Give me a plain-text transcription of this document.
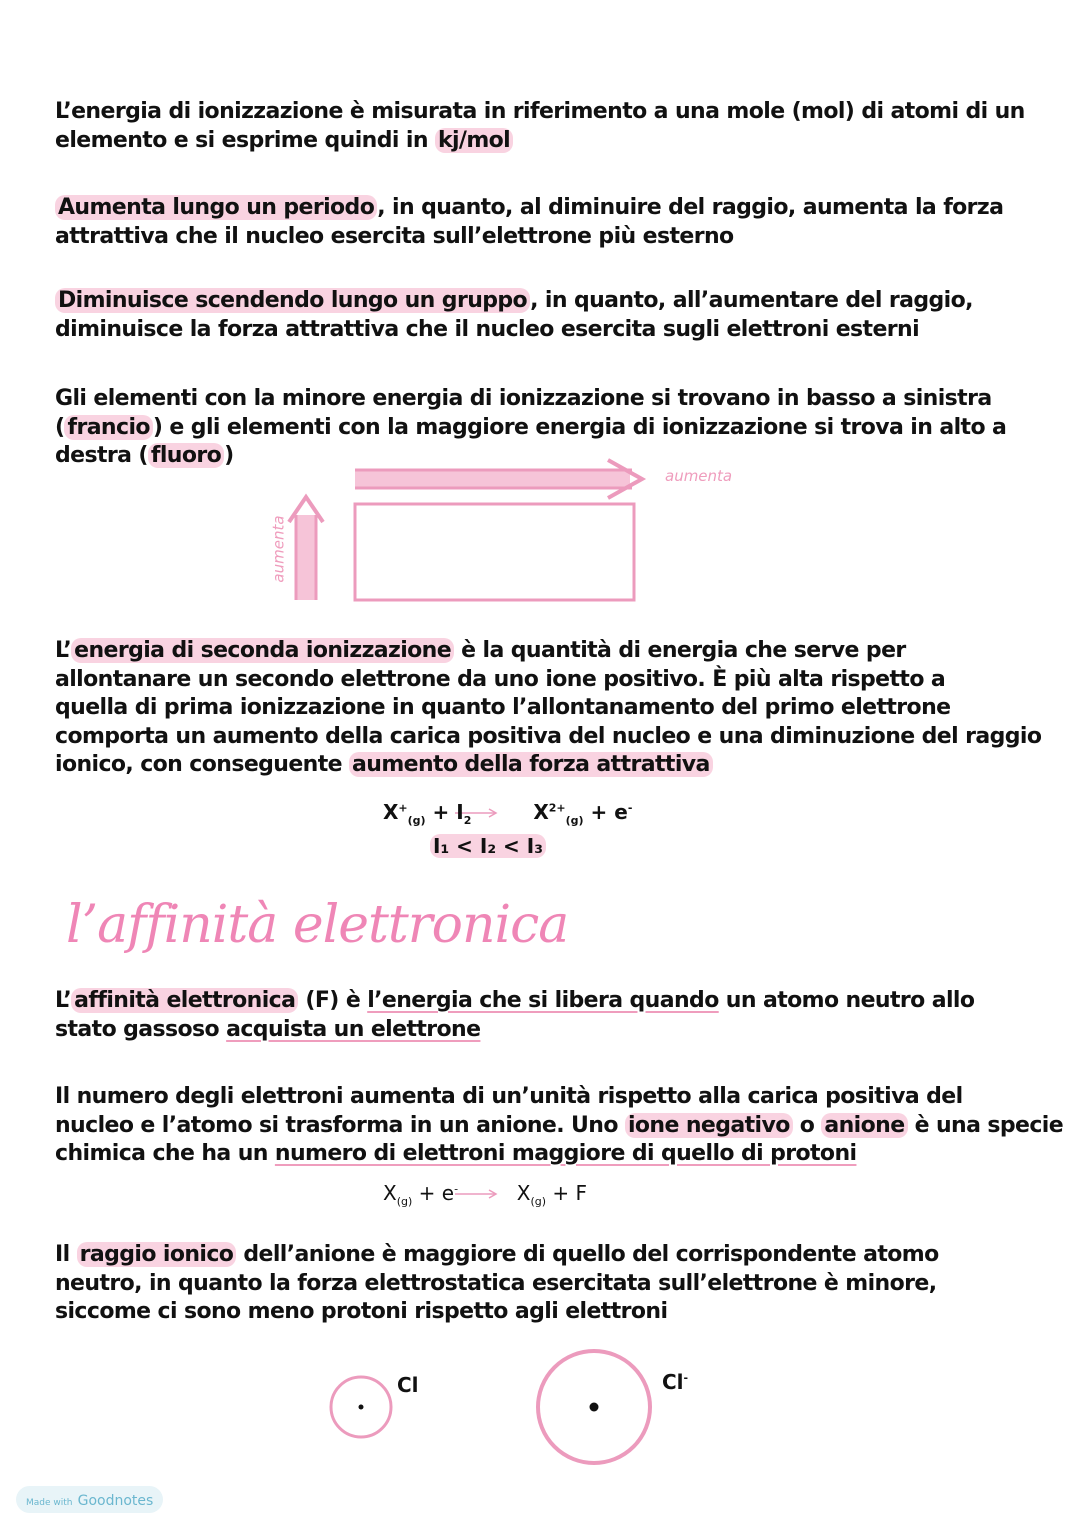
L’energia di ionizzazione è misurata in riferimento a una mole (mol) di atomi di un
elemento e si esprime quindi in kj/mol
Aumenta lungo un periodo , in quanto, al diminuire del raggio, aumenta la forza
attrattiva che il nucleo esercita sull’elettrone più esterno
Diminuisce scendendo lungo un gruppo , in quanto, all’aumentare del raggio,
diminuisce la forza attrattiva che il nucleo esercita sugli elettroni esterni
Gli elementi con la minore energia di ionizzazione si trovano in basso a sinistra
( francio ) e gli elementi con la maggiore energia di ionizzazione si trova in alto a
destra ( fluoro )
L’ energia di seconda ionizzazione è la quantità di energia che serve per
allontanare un secondo elettrone da uno ione positivo. È più alta rispetto a
quella di prima ionizzazione in quanto l’allontanamento del primo elettrone
comporta un aumento della carica positiva del nucleo e una diminuzione del raggio
ionico, con conseguente aumento della forza attrattiva
L’ affinità elettronica (F) è l’energia che si libera quando un atomo neutro allo
stato gassoso acquista un elettrone
Il numero degli elettroni aumenta di un’unità rispetto alla carica positiva del
nucleo e l’atomo si trasforma in un anione. Uno ione negativo o anione è una specie
chimica che ha un numero di elettroni maggiore di quello di protoni
Il raggio ionico dell’anione è maggiore di quello del corrispondente atomo
neutro, in quanto la forza elettrostatica esercitata sull’elettrone è minore,
siccome ci sono meno protoni rispetto agli elettroni
aumenta
aumenta
$X^+_{(g)} + I_2$	$X^{2+}_{(g)} + e^-$
I₁ < I₂ < I₃
l’affinità elettronica
$X_{(g)} + e^-$	$X_{(g)} + F$
Cl	Cl-
Made with Goodnotes
